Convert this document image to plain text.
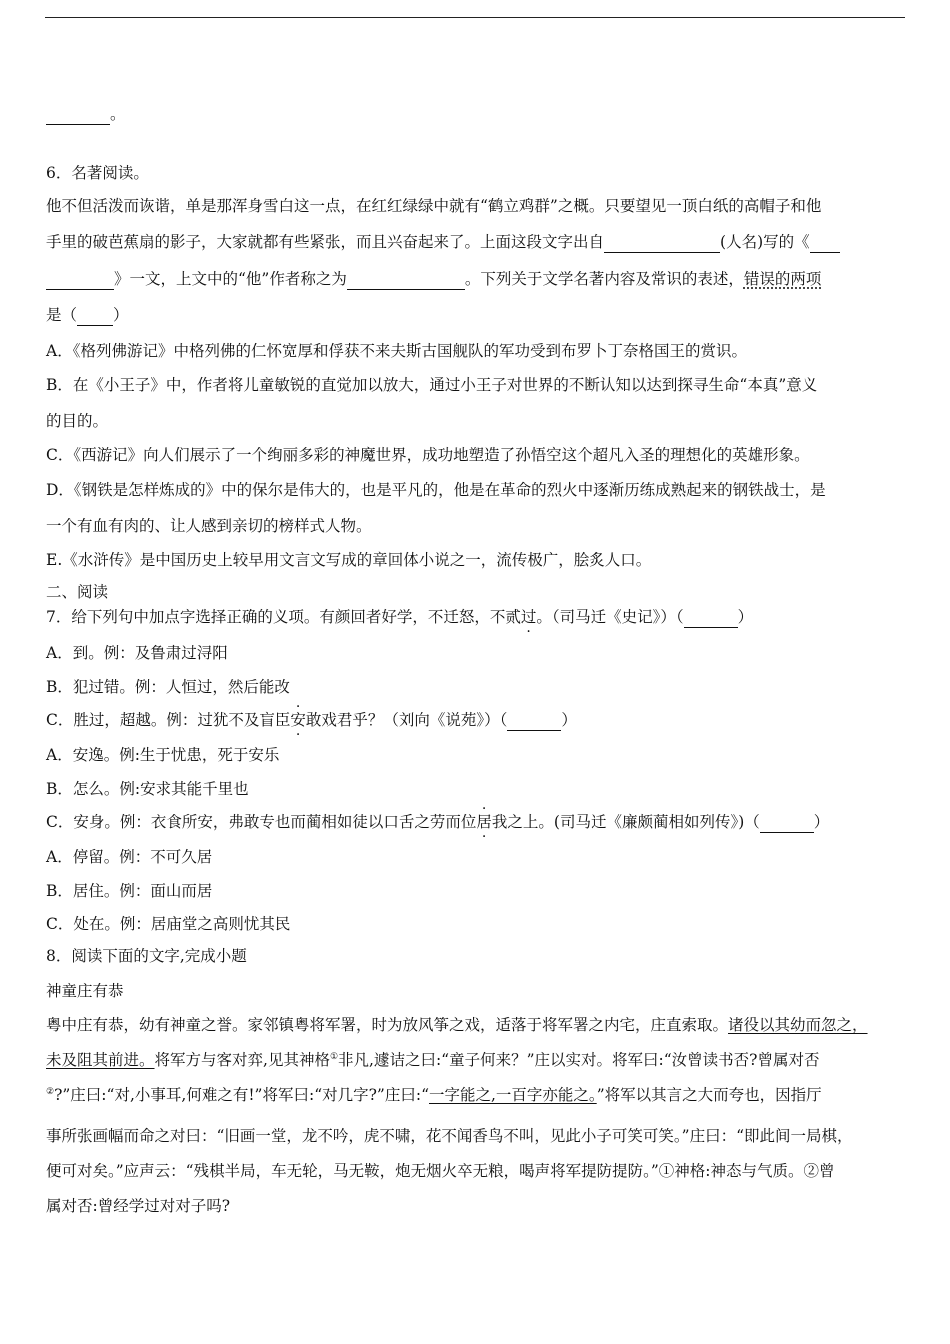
。
6．名著阅读。
他不但活泼而诙谐，单是那浑身雪白这一点，在红红绿绿中就有“鹤立鸡群”之概。只要望见一顶白纸的高帽子和他
手里的破芭蕉扇的影子，大家就都有些紧张，而且兴奋起来了。上面这段文字出自	(人名)写的《
》一文，上文中的“他”作者称之为	。下列关于文学名著内容及常识的表述，错误的两项
是（ ）
A．《格列佛游记》中格列佛的仁怀宽厚和俘获不来夫斯古国舰队的军功受到布罗卜丁奈格国王的赏识。
B．在《小王子》中，作者将儿童敏锐的直觉加以放大，通过小王子对世界的不断认知以达到探寻生命“本真”意义
的目的。
C．《西游记》向人们展示了一个绚丽多彩的神魔世界，成功地塑造了孙悟空这个超凡入圣的理想化的英雄形象。
D．《钢铁是怎样炼成的》中的保尔是伟大的，也是平凡的，他是在革命的烈火中逐渐历练成熟起来的钢铁战士，是
一个有血有肉的、让人感到亲切的榜样式人物。
E.《水浒传》是中国历史上较早用文言文写成的章回体小说之一，流传极广，脍炙人口。
二、阅读
7．给下列句中加点字选择正确的义项。有颜回者好学，不迁怒，不贰过。（司马迁《史记》）（	）
A．到。例：及鲁肃过浔阳
B．犯过错。例：人恒过，然后能改
C．胜过，超越。例：过犹不及盲臣安敢戏君乎？（刘向《说苑》）（	）
A．安逸。例:生于忧患，死于安乐
B．怎么。例:安求其能千里也
C．安身。例：衣食所安，弗敢专也而蔺相如徒以口舌之劳而位居我之上。(司马迁《廉颇蔺相如列传》)（	）
A．停留。例：不可久居
B．居住。例：面山而居
C．处在。例：居庙堂之高则忧其民
8．阅读下面的文字,完成小题
神童庄有恭
粤中庄有恭，幼有神童之誉。家邻镇粤将军署，时为放风筝之戏，适落于将军署之内宅，庄直索取。诸役以其幼而忽之，
未及阻其前进。将军方与客对弈,见其神格①非凡,遽诘之曰:“童子何来？”庄以实对。将军曰:“汝曾读书否?曾属对否
②?”庄曰:“对,小事耳,何难之有!”将军曰:“对几字?”庄曰:“一字能之,一百字亦能之。”将军以其言之大而夸也，因指厅
事所张画幅而命之对曰：“旧画一堂，龙不吟，虎不啸，花不闻香鸟不叫，见此小子可笑可笑。”庄曰：“即此间一局棋，
便可对矣。”应声云：“残棋半局，车无轮，马无鞍，炮无烟火卒无粮，喝声将军提防提防。”①神格:神态与气质。②曾
属对否:曾经学过对对子吗?
